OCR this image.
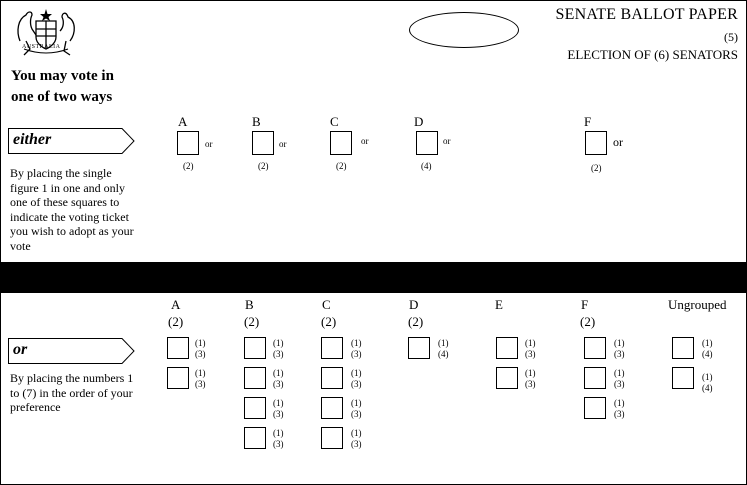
AUSTRALIA
SENATE BALLOT PAPER
(5)
ELECTION OF (6) SENATORS
You may vote in
one of two ways
either
By placing the single
figure 1 in one and only
one of these squares to
indicate the voting ticket
you wish to adopt as your
vote
A
or
(2)
B
or
(2)
C
or
(2)
D
or
(4)
F
or
(2)
or
By placing the numbers 1
to (7) in the order of your
preference
A
(2)
B
(2)
C
(2)
D
(2)
E	F
(2)
Ungrouped
(1)
(3)
(1)
(3)
(1)
(3)
(1)
(3)
(1)
(3)
(1)
(3)
(1)
(3)
(1)
(3)
(1)
(3)
(1)
(3)
(1)
(4)
(1)
(3)
(1)
(3)
(1)
(3)
(1)
(3)
(1)
(3)
(1)
(4)
(1)
(4)
